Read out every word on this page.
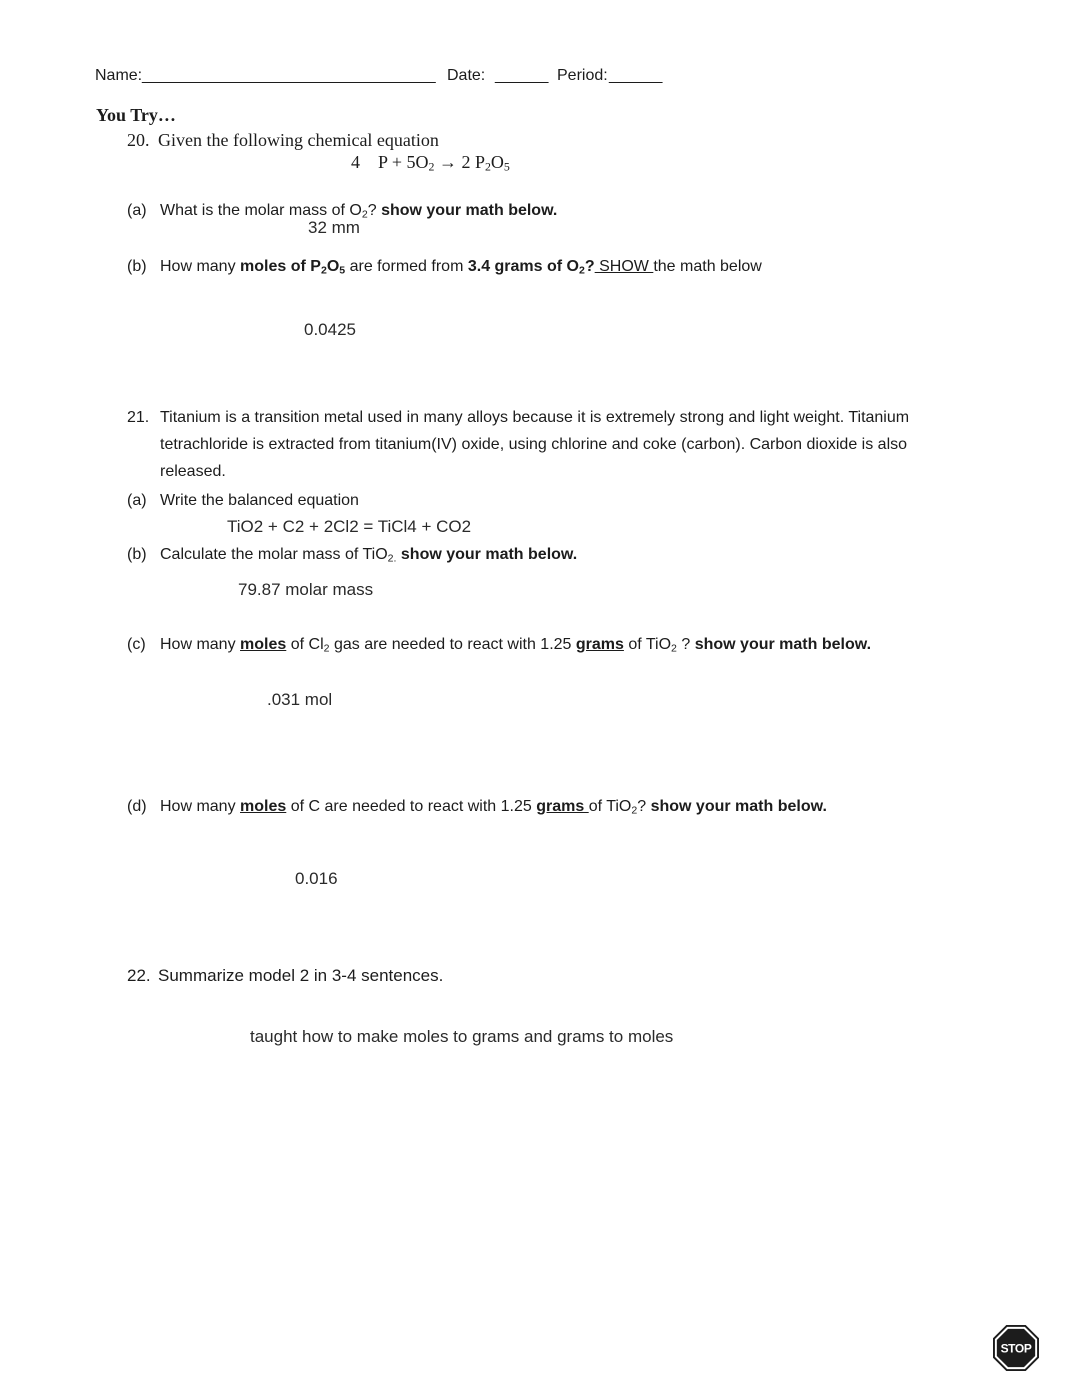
Name: _________________________________ Date: ______ Period: ______
You Try…
20. Given the following chemical equation
4    $P + 5O_2 \to 2$ $P_2O_5$
(a) What is the molar mass of $O_2$? show your math below.
32 mm
(b) How many moles of $P_2O_5$ are formed from 3.4 grams of $O_2$? SHOW the math below
0.0425
21. Titanium is a transition metal used in many alloys because it is extremely strong and light weight. Titanium
tetrachloride is extracted from titanium(IV) oxide, using chlorine and coke (carbon). Carbon dioxide is also
released.
(a) Write the balanced equation
TiO2 + C2 + 2Cl2 = TiCl4 + CO2
(b) Calculate the molar mass of TiO$_{2.}$ show your math below.
79.87 molar mass
(c) How many moles of $Cl_2$ gas are needed to react with 1.25 grams of TiO$_2$ ? show your math below.
.031 mol
(d) How many moles of C are needed to react with 1.25 grams of TiO$_2$? show your math below.
0.016
22. Summarize model 2 in 3-4 sentences.
taught how to make moles to grams and grams to moles

STOP
